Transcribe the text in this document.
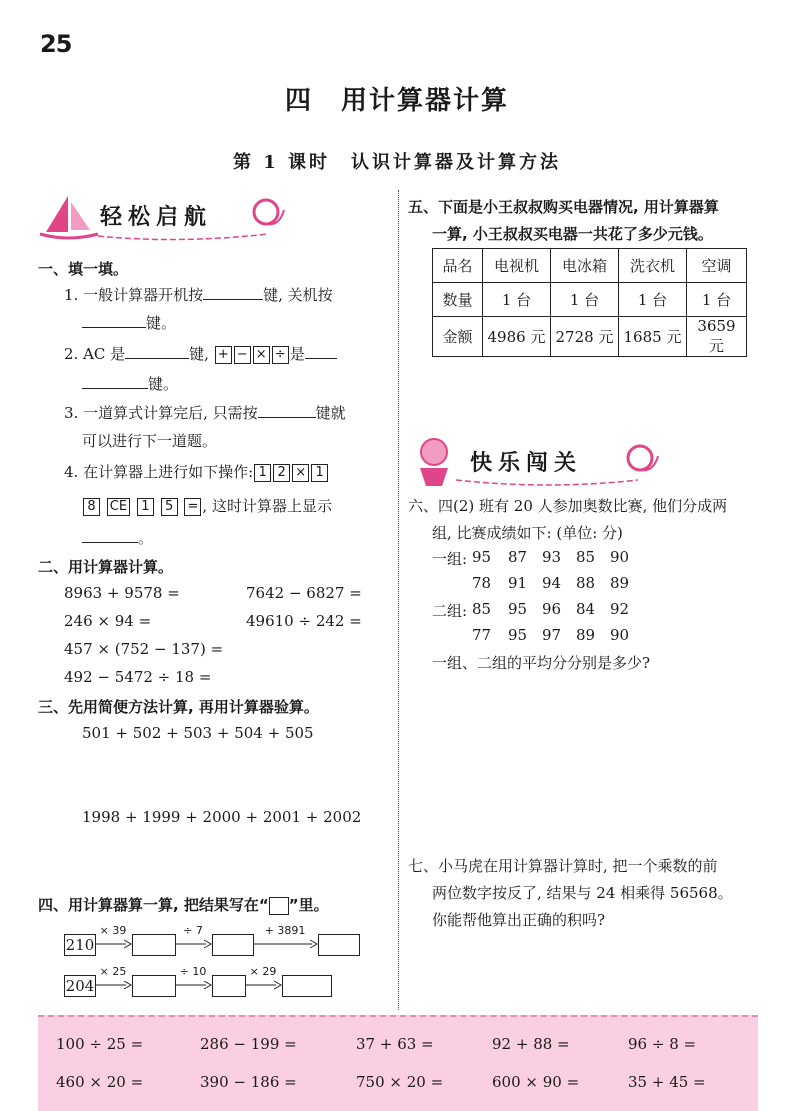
25
四　用计算器计算
第 1 课时　认识计算器及计算方法
轻松启航
一、填一填。
1. 一般计算器开机按	键, 关机按
键。
2. AC 是	键, + − × ÷ 是
键。
3. 一道算式计算完后, 只需按	键就
可以进行下一道题。
4. 在计算器上进行如下操作: 1 2 × 1
8 CE 1 5 = , 这时计算器上显示
。
二、用计算器计算。
8963 + 9578 =	7642 − 6827 =
246 × 94 =	49610 ÷ 242 =
457 × (752 − 137) =
492 − 5472 ÷ 18 =
三、先用简便方法计算, 再用计算器验算。
501 + 502 + 503 + 504 + 505
1998 + 1999 + 2000 + 2001 + 2002
四、用计算器算一算, 把结果写在“ ”里。
210
× 39	÷ 7	+ 3891
204
× 25	÷ 10	× 29
五、下面是小王叔叔购买电器情况, 用计算器算
一算, 小王叔叔买电器一共花了多少元钱。
品名	电视机	电冰箱	洗衣机	空调
数量	1 台	1 台	1 台	1 台
金额	4986 元	2728 元	1685 元	3659 元
快乐闯关
六、四(2) 班有 20 人参加奥数比赛, 他们分成两
组, 比赛成绩如下: (单位: 分)
一组: 95 87 93 85 90
78 91 94 88 89
二组: 85 95 96 84 92
77 95 97 89 90
一组、二组的平均分分别是多少?
七、小马虎在用计算器计算时, 把一个乘数的前
两位数字按反了, 结果与 24 相乘得 56568。
你能帮他算出正确的积吗?
100 ÷ 25 =	286 − 199 =	37 + 63 =	92 + 88 =	96 ÷ 8 =
460 × 20 =	390 − 186 =	750 × 20 =	600 × 90 =	35 + 45 =
